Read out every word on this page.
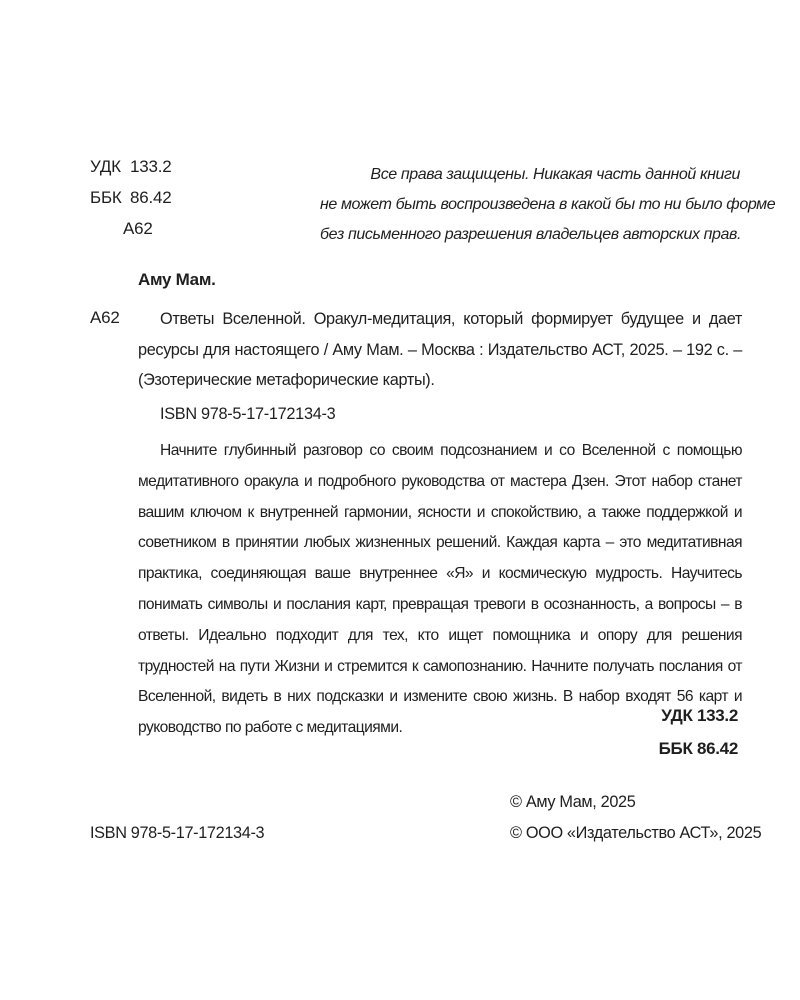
УДК 133.2
ББК 86.42
А62
Все права защищены. Никакая часть данной книги
не может быть воспроизведена в какой бы то ни было форме
без письменного разрешения владельцев авторских прав.
Аму Мам.
А62	Ответы Вселенной. Оракул-медитация, который формирует будущее и дает ресурсы для настоящего / Аму Мам. – Москва : Издательство АСТ, 2025. – 192 с. – (Эзотерические метафорические карты).
ISBN 978-5-17-172134-3
Начните глубинный разговор со своим подсознанием и со Вселенной с помощью медитативного оракула и подробного руководства от мастера Дзен. Этот набор станет вашим ключом к внутренней гармонии, ясности и спокойствию, а также поддержкой и советником в принятии любых жизненных решений. Каждая карта – это медитативная практика, соединяющая ваше внутреннее «Я» и космическую мудрость. Научитесь понимать символы и послания карт, превращая тревоги в осознанность, а вопросы – в ответы. Идеально подходит для тех, кто ищет помощника и опору для решения трудностей на пути Жизни и стремится к самопознанию. Начните получать послания от Вселенной, видеть в них подсказки и измените свою жизнь. В набор входят 56 карт и руководство по работе с медитациями.
УДК 133.2
ББК 86.42
© Аму Мам, 2025
ISBN 978-5-17-172134-3	© ООО «Издательство АСТ», 2025
